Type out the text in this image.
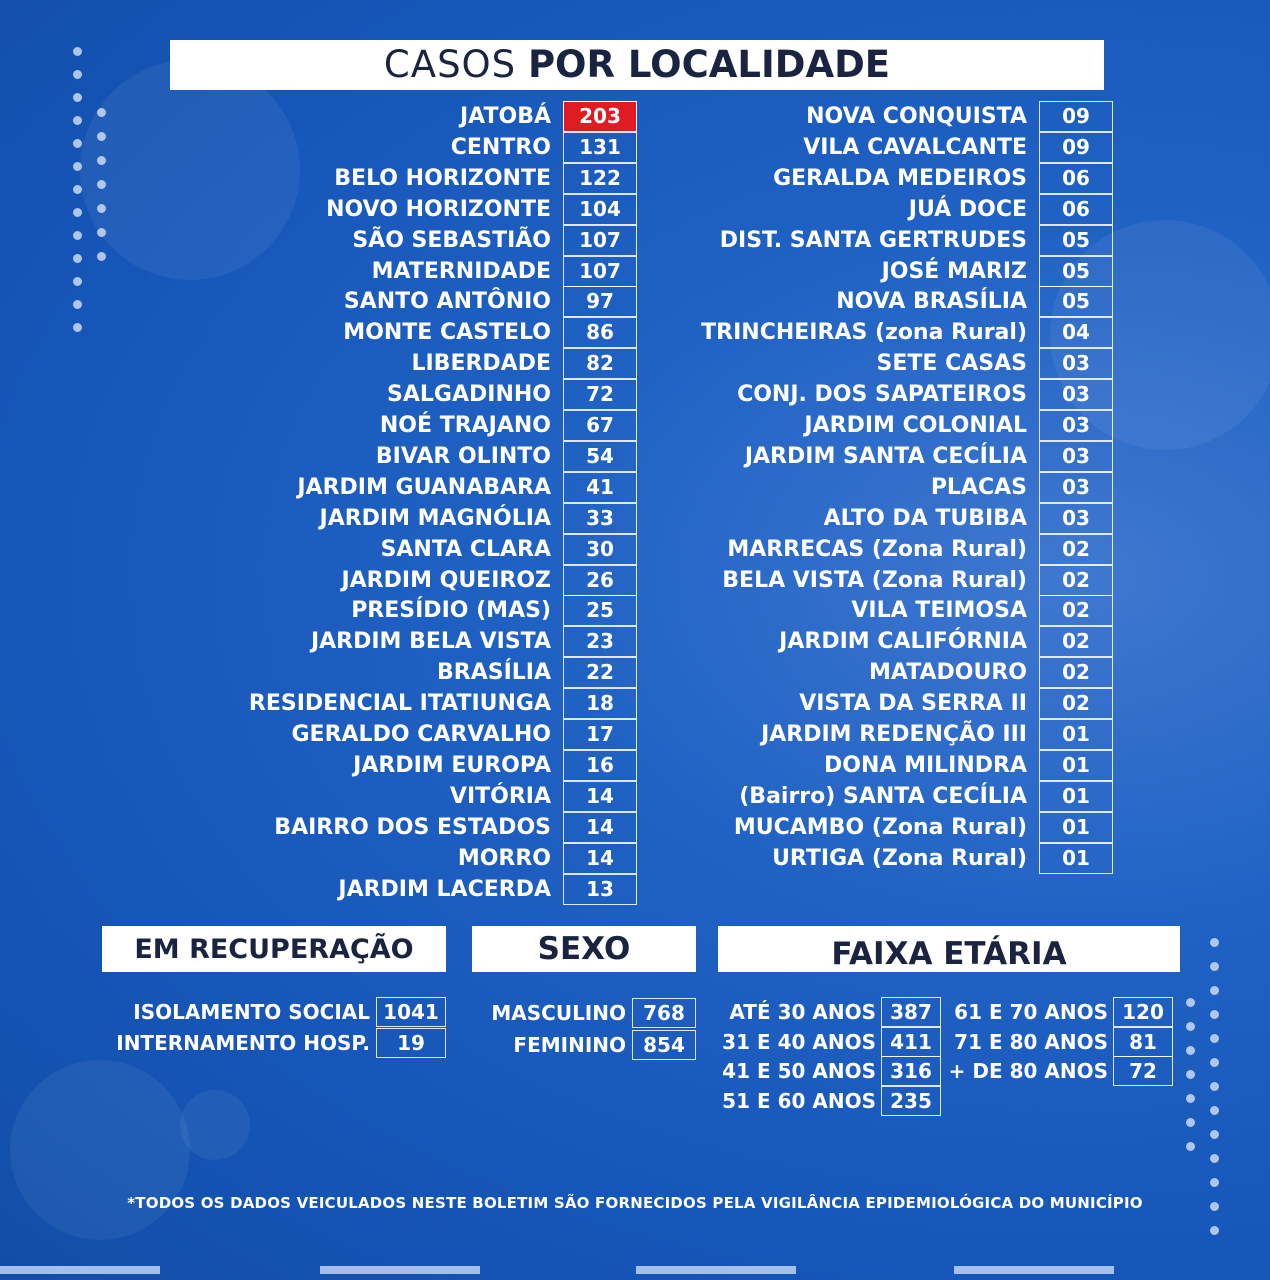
CASOS POR LOCALIDADE
JATOBÁ	203
CENTRO	131
BELO HORIZONTE	122
NOVO HORIZONTE	104
SÃO SEBASTIÃO	107
MATERNIDADE	107
SANTO ANTÔNIO	97
MONTE CASTELO	86
LIBERDADE	82
SALGADINHO	72
NOÉ TRAJANO	67
BIVAR OLINTO	54
JARDIM GUANABARA	41
JARDIM MAGNÓLIA	33
SANTA CLARA	30
JARDIM QUEIROZ	26
PRESÍDIO (MAS)	25
JARDIM BELA VISTA	23
BRASÍLIA	22
RESIDENCIAL ITATIUNGA	18
GERALDO CARVALHO	17
JARDIM EUROPA	16
VITÓRIA	14
BAIRRO DOS ESTADOS	14
MORRO	14
JARDIM LACERDA	13
NOVA CONQUISTA	09
VILA CAVALCANTE	09
GERALDA MEDEIROS	06
JUÁ DOCE	06
DIST. SANTA GERTRUDES	05
JOSÉ MARIZ	05
NOVA BRASÍLIA	05
TRINCHEIRAS (zona Rural)	04
SETE CASAS	03
CONJ. DOS SAPATEIROS	03
JARDIM COLONIAL	03
JARDIM SANTA CECÍLIA	03
PLACAS	03
ALTO DA TUBIBA	03
MARRECAS (Zona Rural)	02
BELA VISTA (Zona Rural)	02
VILA TEIMOSA	02
JARDIM CALIFÓRNIA	02
MATADOURO	02
VISTA DA SERRA II	02
JARDIM REDENÇÃO III	01
DONA MILINDRA	01
(Bairro) SANTA CECÍLIA	01
MUCAMBO (Zona Rural)	01
URTIGA (Zona Rural)	01
EM RECUPERAÇÃO
ISOLAMENTO SOCIAL 1041
INTERNAMENTO HOSP.	19
SEXO
MASCULINO 768
FEMININO 854
FAIXA ETÁRIA
ATÉ 30 ANOS 387
31 E 40 ANOS 411
41 E 50 ANOS 316
51 E 60 ANOS 235
61 E 70 ANOS 120
71 E 80 ANOS	81
+ DE 80 ANOS	72
*TODOS OS DADOS VEICULADOS NESTE BOLETIM SÃO FORNECIDOS PELA VIGILÂNCIA EPIDEMIOLÓGICA DO MUNICÍPIO
